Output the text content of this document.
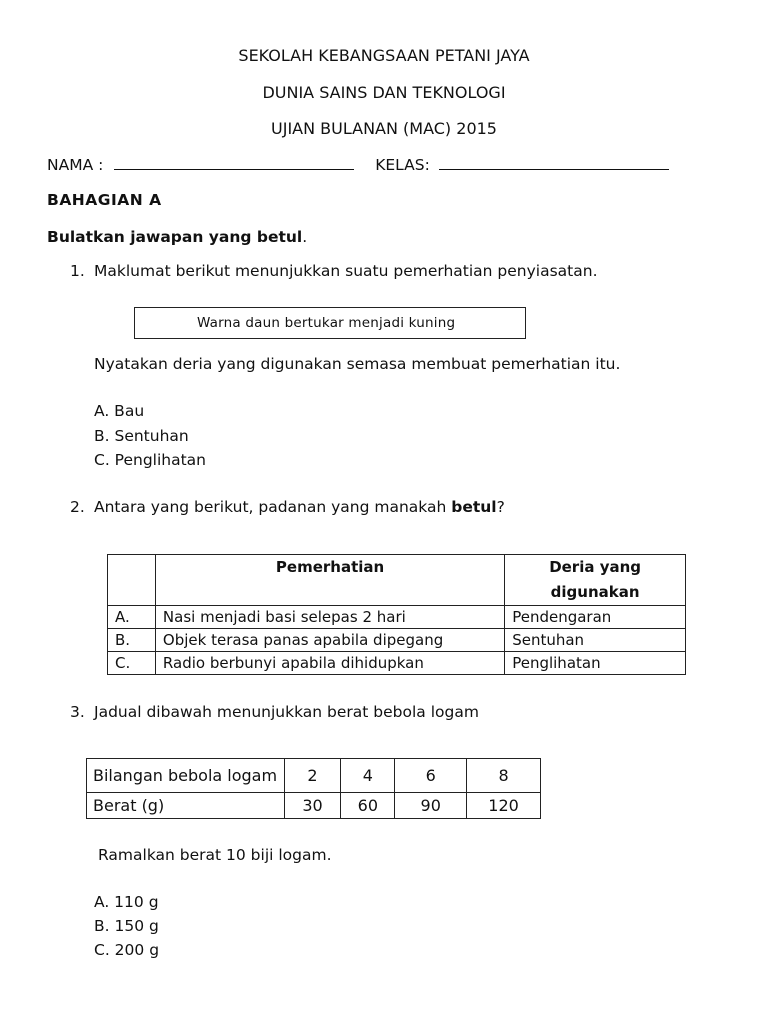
SEKOLAH KEBANGSAAN PETANI JAYA
DUNIA SAINS DAN TEKNOLOGI
UJIAN BULANAN (MAC) 2015
NAMA :	KELAS:
BAHAGIAN A
Bulatkan jawapan yang betul.
1. Maklumat berikut menunjukkan suatu pemerhatian penyiasatan.
Warna daun bertukar menjadi kuning
Nyatakan deria yang digunakan semasa membuat pemerhatian itu.
A. Bau
B. Sentuhan
C. Penglihatan
2. Antara yang berikut, padanan yang manakah betul?
	Pemerhatian	Deria yang
digunakan
A.	Nasi menjadi basi selepas 2 hari	Pendengaran
B.	Objek terasa panas apabila dipegang	Sentuhan
C.	Radio berbunyi apabila dihidupkan	Penglihatan
3. Jadual dibawah menunjukkan berat bebola logam
Bilangan bebola logam	2	4	6	8
Berat (g)	30	60	90	120
Ramalkan berat 10 biji logam.
A. 110 g
B. 150 g
C. 200 g
